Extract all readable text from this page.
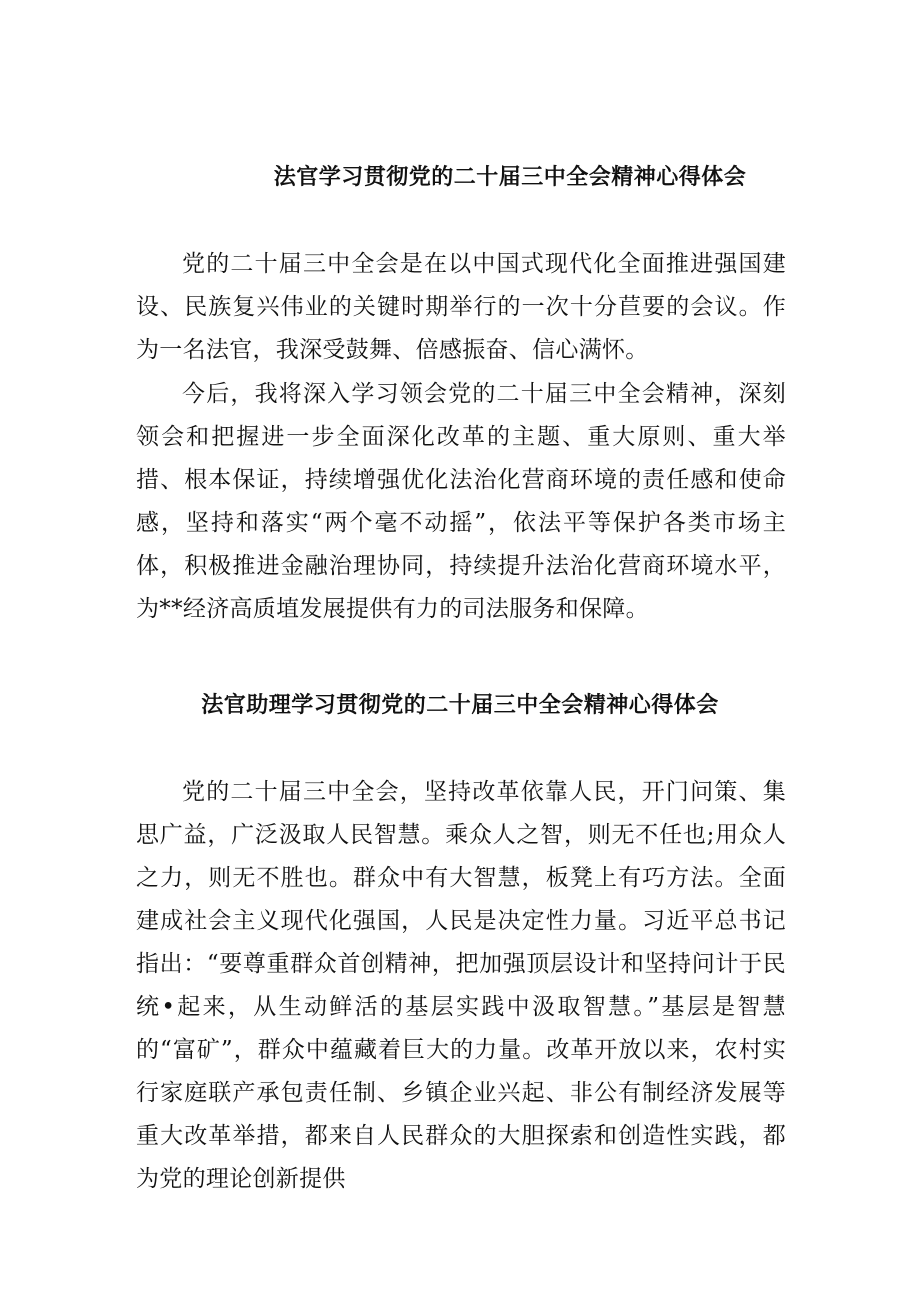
法官学习贯彻党的二十届三中全会精神心得体会

党的二十届三中全会是在以中国式现代化全面推进强国建设、民族复兴伟业的关键时期举行的一次十分苣要的会议。作为一名法官，我深受鼓舞、倍感振奋、信心满怀。

今后，我将深入学习领会党的二十届三中全会精神，深刻领会和把握进一步全面深化改革的主题、重大原则、重大举措、根本保证，持续增强优化法治化营商环境的责任感和使命感，坚持和落实“两个毫不动摇”，依法平等保护各类市场主体，积极推进金融治理协同，持续提升法治化营商环境水平，为**经济高质埴发展提供有力的司法服务和保障。

法官助理学习贯彻党的二十届三中全会精神心得体会

党的二十届三中全会，坚持改革依靠人民，开门问策、集思广益，广泛汲取人民智慧。乘众人之智，则无不任也;用众人之力，则无不胜也。群众中有大智慧，板凳上有巧方法。全面建成社会主义现代化强国，人民是决定性力量。习近平总书记指出：“要尊重群众首创精神，把加强顶层设计和坚持问计于民统•起来，从生动鲜活的基层实践中汲取智慧。”基层是智慧的“富矿”，群众中蕴藏着巨大的力量。改革开放以来，农村实行家庭联产承包责任制、乡镇企业兴起、非公有制经济发展等重大改革举措，都来自人民群众的大胆探索和创造性实践，都为党的理论创新提供
